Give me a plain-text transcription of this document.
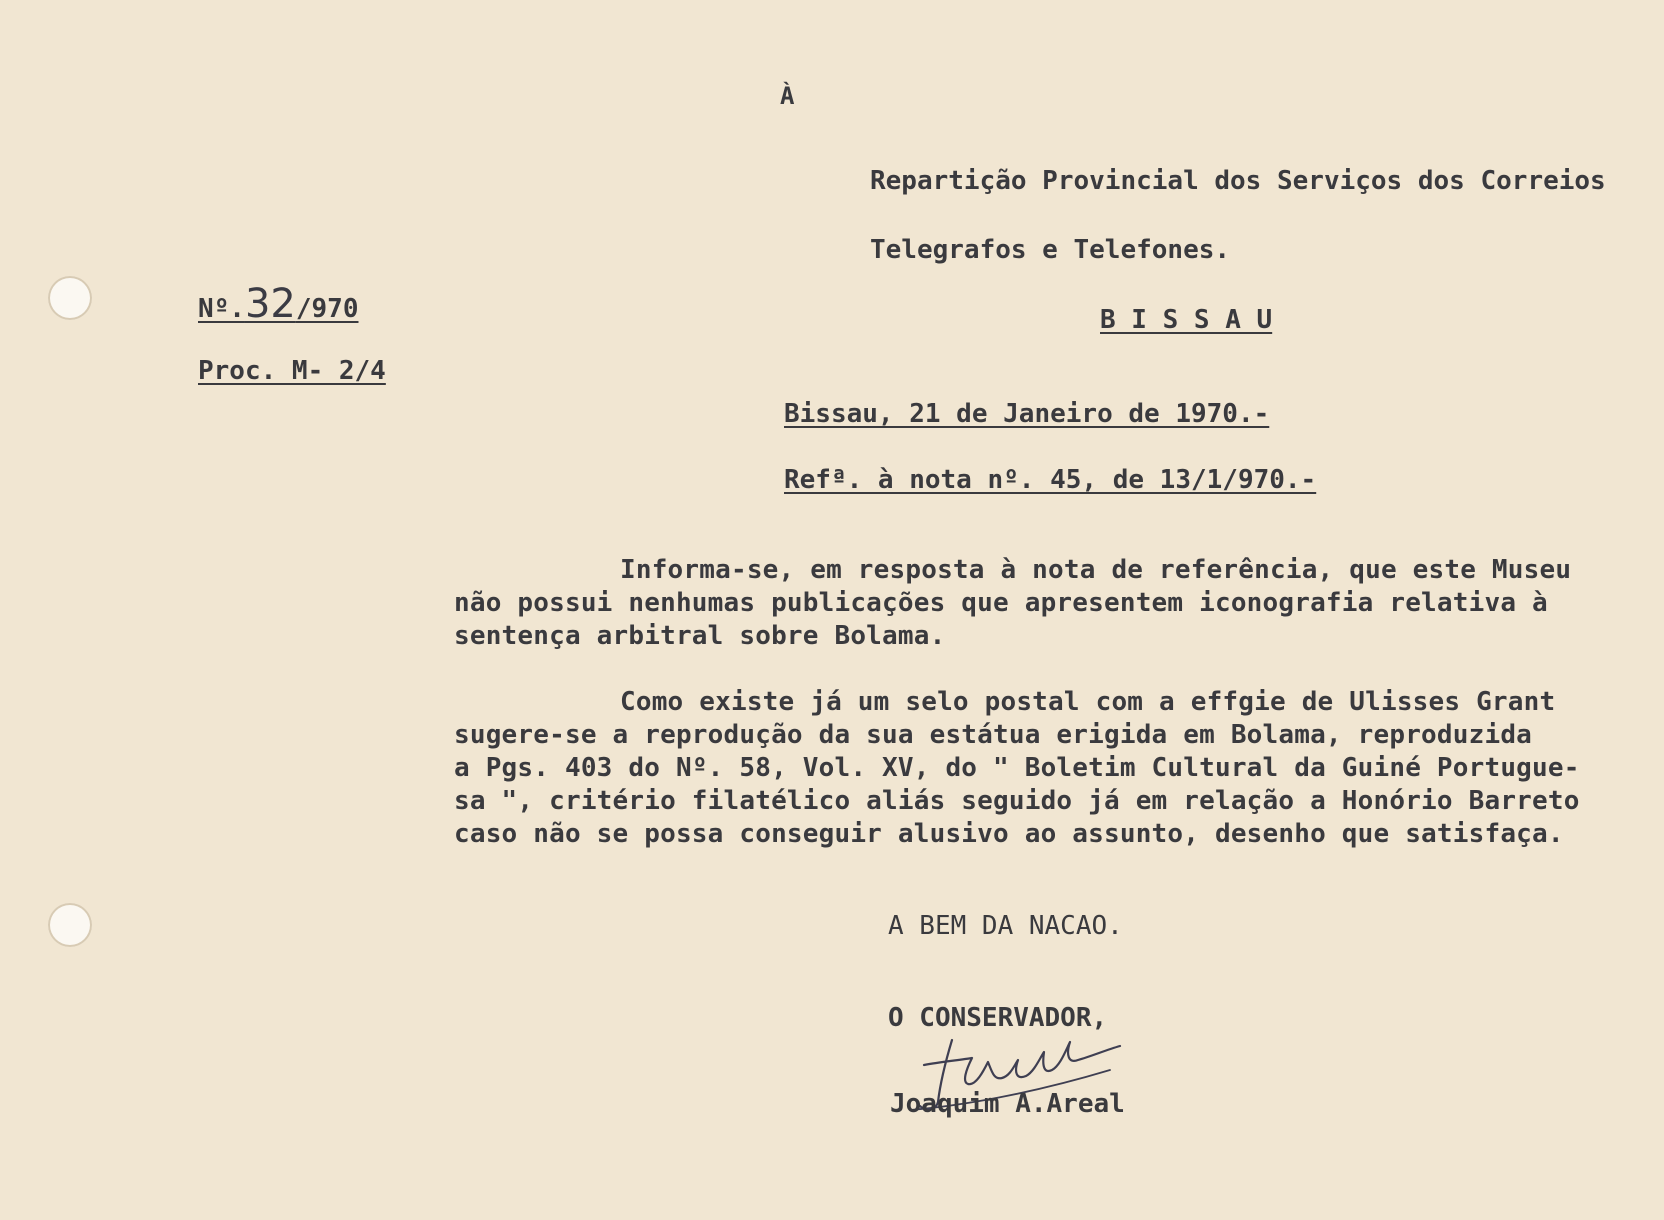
À
Repartição Provincial dos Serviços dos Correios
Telegrafos e Telefones.
B I S S A U
Nº.32/970
Proc. M- 2/4
Bissau, 21 de Janeiro de 1970.-
Refª. à nota nº. 45, de 13/1/970.-
Informa-se, em resposta à nota de referência, que este Museu
não possui nenhumas publicações que apresentem iconografia relativa à
sentença arbitral sobre Bolama.
Como existe já um selo postal com a effgie de Ulisses Grant
sugere-se a reprodução da sua estátua erigida em Bolama, reproduzida
a Pgs. 403 do Nº. 58, Vol. XV, do " Boletim Cultural da Guiné Portugue-
sa ", critério filatélico aliás seguido já em relação a Honório Barreto
caso não se possa conseguir alusivo ao assunto, desenho que satisfaça.
A BEM DA NACAO.
O CONSERVADOR,
Joaquim A.Areal
